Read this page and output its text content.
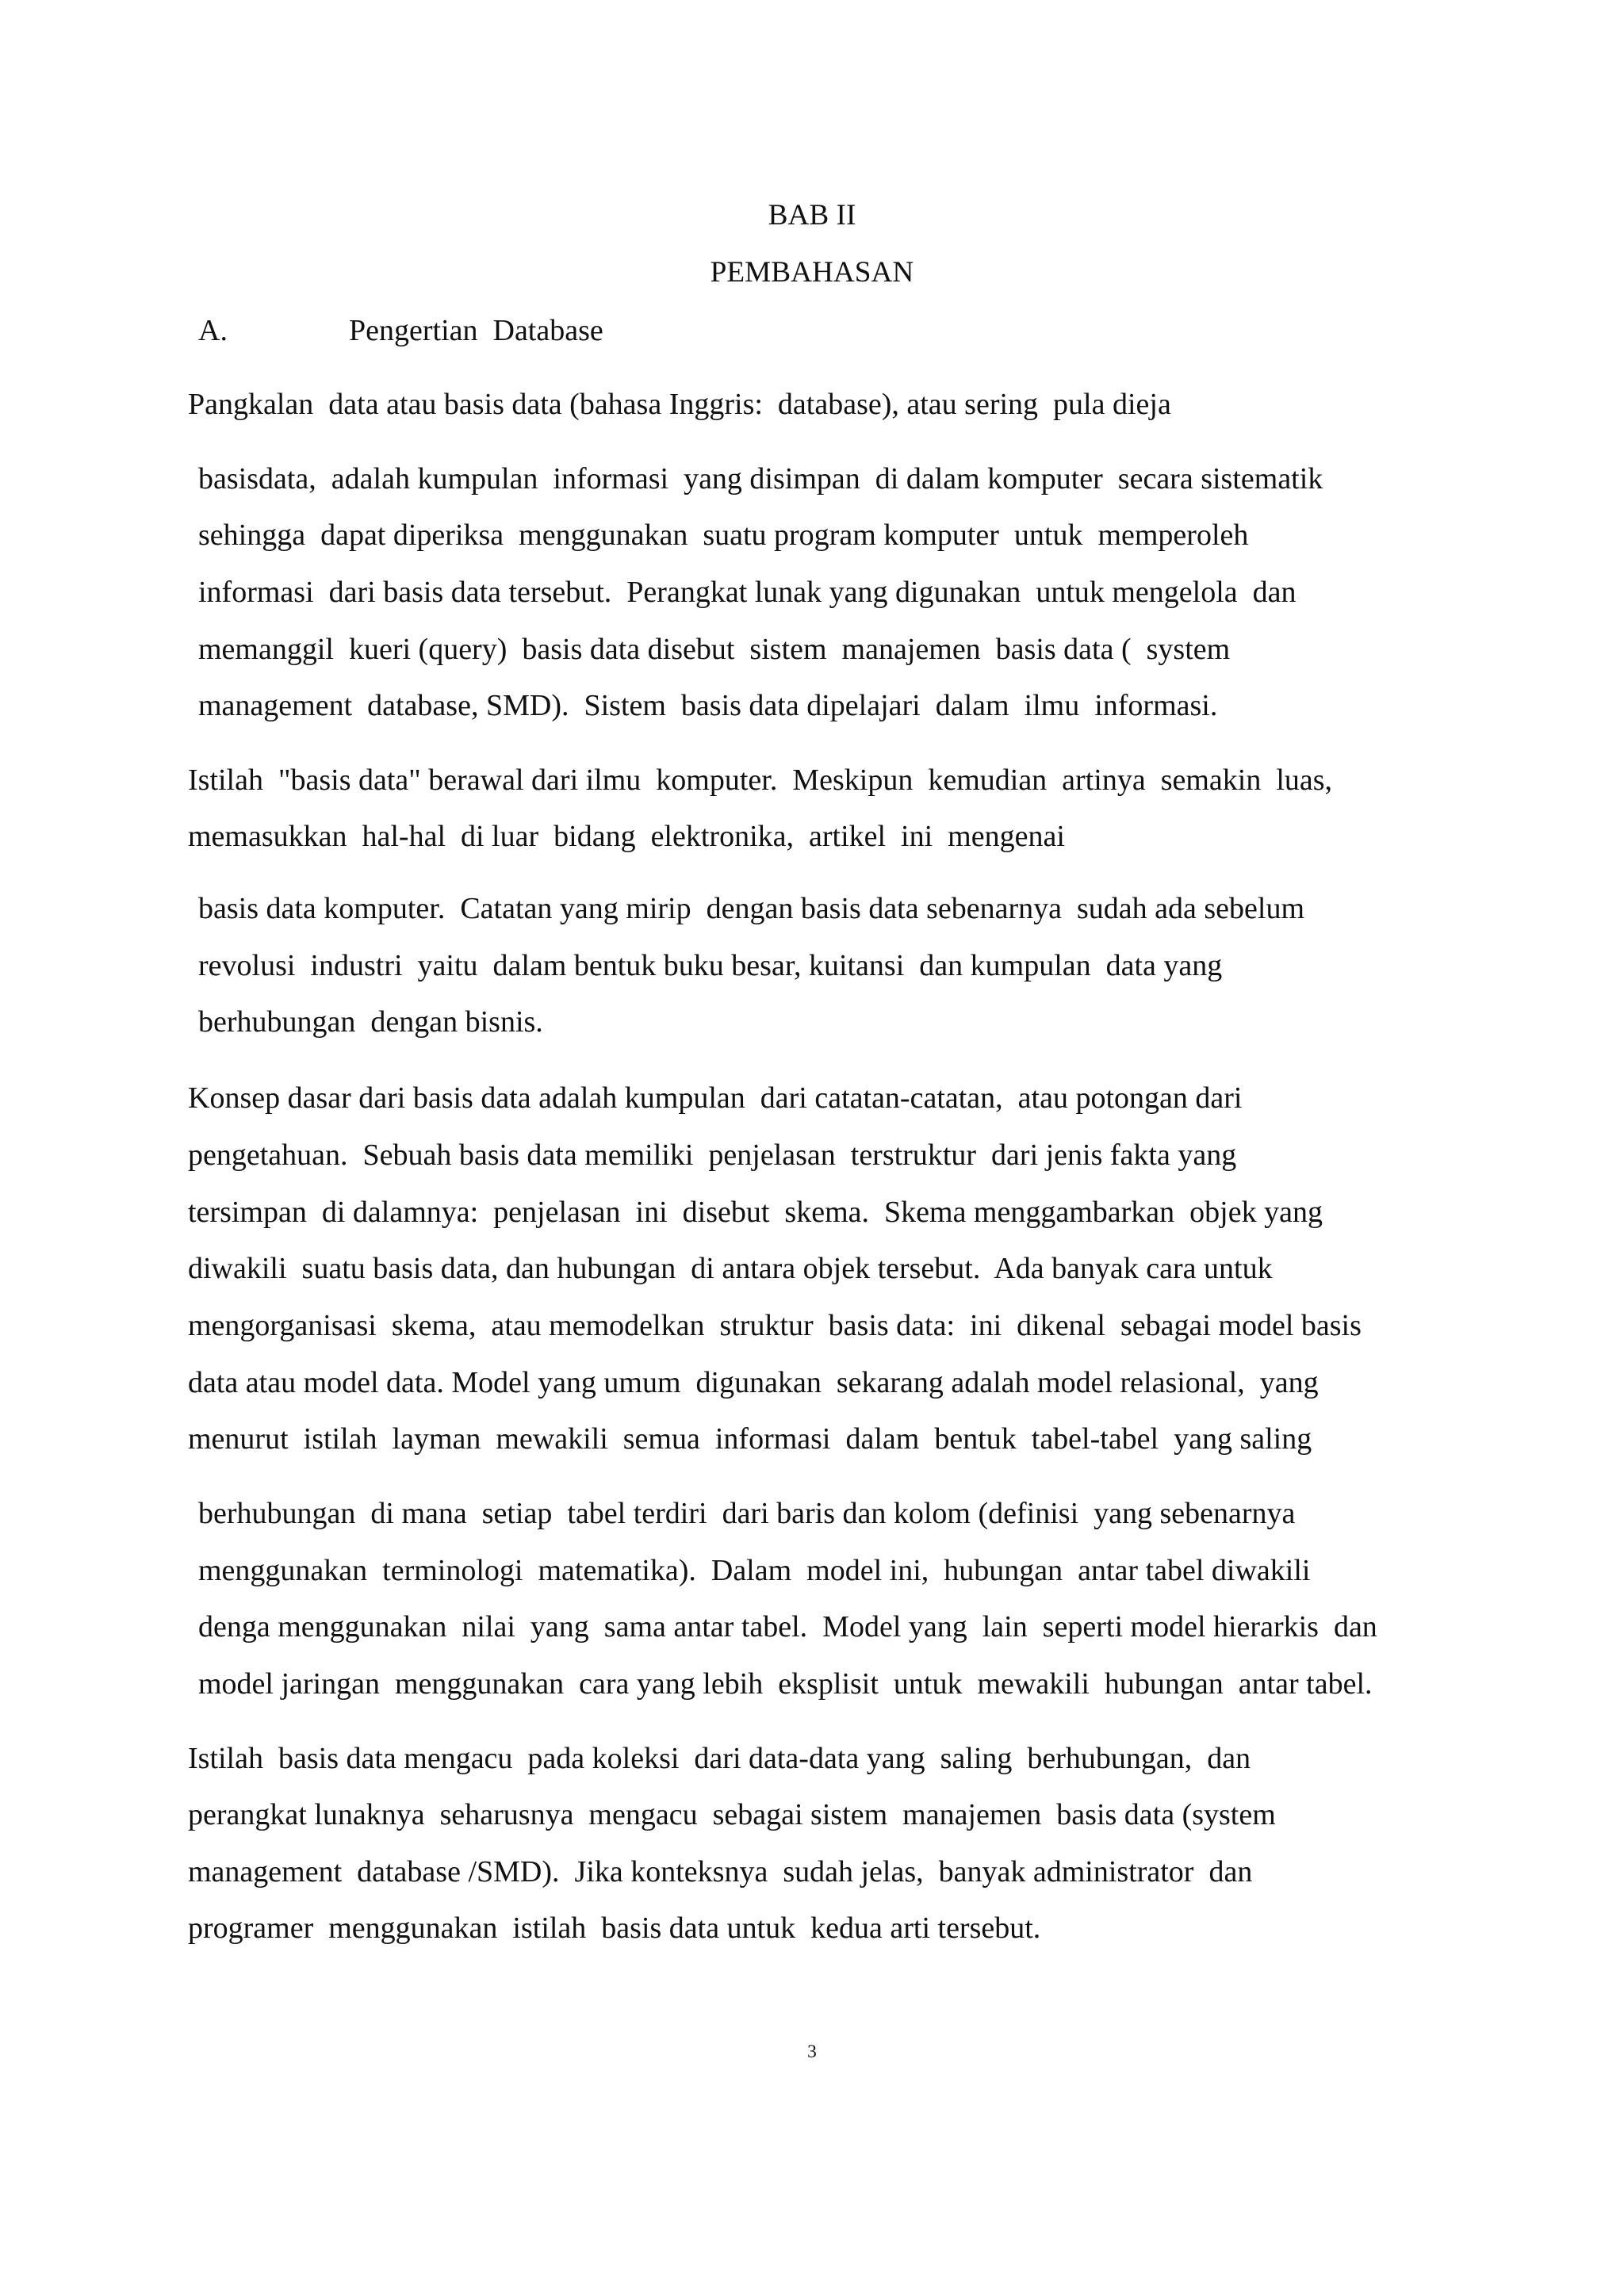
BAB II
PEMBAHASAN
A.	Pengertian  Database
Pangkalan  data atau basis data (bahasa Inggris:  database), atau sering  pula dieja
basisdata,  adalah kumpulan  informasi  yang disimpan  di dalam komputer  secara sistematik
sehingga  dapat diperiksa  menggunakan  suatu program komputer  untuk  memperoleh
informasi  dari basis data tersebut.  Perangkat lunak yang digunakan  untuk mengelola  dan
memanggil  kueri (query)  basis data disebut  sistem  manajemen  basis data (  system
management  database, SMD).  Sistem  basis data dipelajari  dalam  ilmu  informasi.
Istilah  "basis data" berawal dari ilmu  komputer.  Meskipun  kemudian  artinya  semakin  luas,
memasukkan  hal-hal  di luar  bidang  elektronika,  artikel  ini  mengenai
basis data komputer.  Catatan yang mirip  dengan basis data sebenarnya  sudah ada sebelum
revolusi  industri  yaitu  dalam bentuk buku besar, kuitansi  dan kumpulan  data yang
berhubungan  dengan bisnis.
Konsep dasar dari basis data adalah kumpulan  dari catatan-catatan,  atau potongan dari
pengetahuan.  Sebuah basis data memiliki  penjelasan  terstruktur  dari jenis fakta yang
tersimpan  di dalamnya:  penjelasan  ini  disebut  skema.  Skema menggambarkan  objek yang
diwakili  suatu basis data, dan hubungan  di antara objek tersebut.  Ada banyak cara untuk
mengorganisasi  skema,  atau memodelkan  struktur  basis data:  ini  dikenal  sebagai model basis
data atau model data. Model yang umum  digunakan  sekarang adalah model relasional,  yang
menurut  istilah  layman  mewakili  semua  informasi  dalam  bentuk  tabel-tabel  yang saling
berhubungan  di mana  setiap  tabel terdiri  dari baris dan kolom (definisi  yang sebenarnya
menggunakan  terminologi  matematika).  Dalam  model ini,  hubungan  antar tabel diwakili
denga menggunakan  nilai  yang  sama antar tabel.  Model yang  lain  seperti model hierarkis  dan
model jaringan  menggunakan  cara yang lebih  eksplisit  untuk  mewakili  hubungan  antar tabel.
Istilah  basis data mengacu  pada koleksi  dari data-data yang  saling  berhubungan,  dan
perangkat lunaknya  seharusnya  mengacu  sebagai sistem  manajemen  basis data (system
management  database /SMD).  Jika konteksnya  sudah jelas,  banyak administrator  dan
programer  menggunakan  istilah  basis data untuk  kedua arti tersebut.
3
